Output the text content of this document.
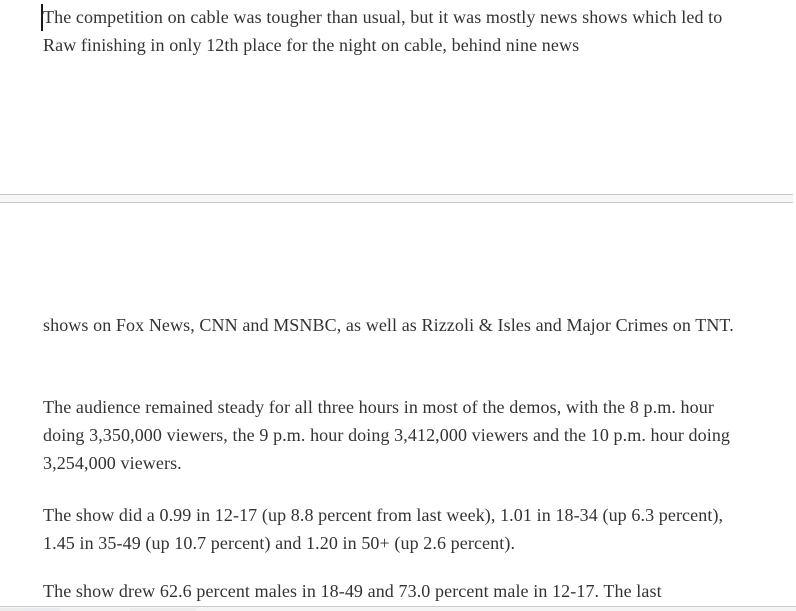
The competition on cable was tougher than usual, but it was mostly news shows which led to Raw finishing in only 12th place for the night on cable, behind nine news

shows on Fox News, CNN and MSNBC, as well as Rizzoli & Isles and Major Crimes on TNT.

The audience remained steady for all three hours in most of the demos, with the 8 p.m. hour doing 3,350,000 viewers, the 9 p.m. hour doing 3,412,000 viewers and the 10 p.m. hour doing 3,254,000 viewers.

The show did a 0.99 in 12-17 (up 8.8 percent from last week), 1.01 in 18-34 (up 6.3 percent), 1.45 in 35-49 (up 10.7 percent) and 1.20 in 50+ (up 2.6 percent).

The show drew 62.6 percent males in 18-49 and 73.0 percent male in 12-17. The last
